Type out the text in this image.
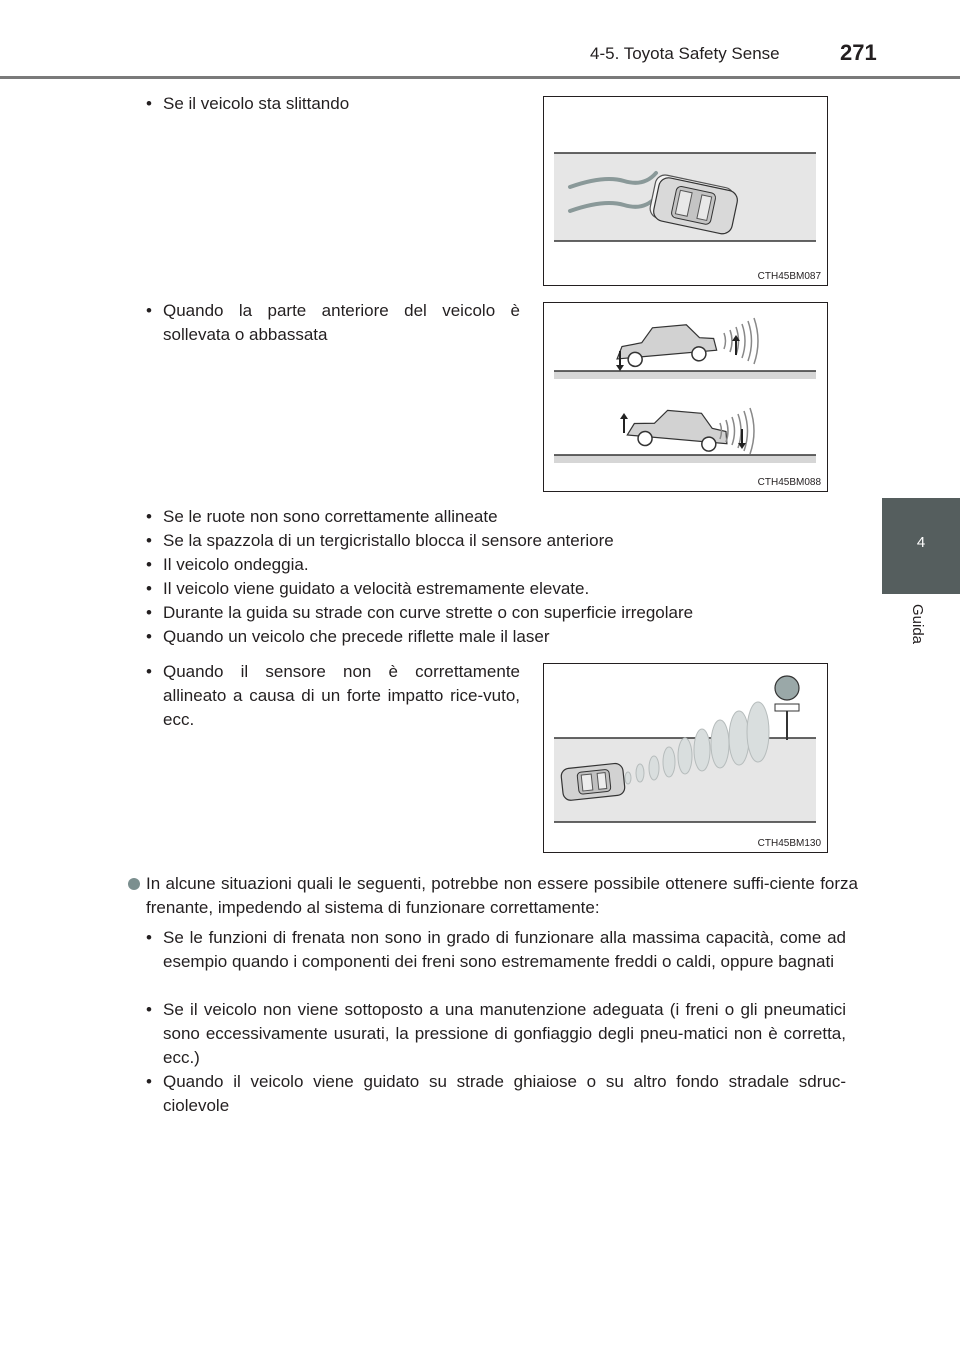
4-5. Toyota Safety Sense	271
4
Guida
• Se il veicolo sta slittando
CTH45BM087
• Quando la parte anteriore del veicolo è sollevata o abbassata
CTH45BM088
• Se le ruote non sono correttamente allineate
• Se la spazzola di un tergicristallo blocca il sensore anteriore
• Il veicolo ondeggia.
• Il veicolo viene guidato a velocità estremamente elevate.
• Durante la guida su strade con curve strette o con superficie irregolare
• Quando un veicolo che precede riflette male il laser
• Quando il sensore non è correttamente allineato a causa di un forte impatto rice-vuto, ecc.
CTH45BM130
In alcune situazioni quali le seguenti, potrebbe non essere possibile ottenere suffi-ciente forza frenante, impedendo al sistema di funzionare correttamente:
• Se le funzioni di frenata non sono in grado di funzionare alla massima capacità, come ad esempio quando i componenti dei freni sono estremamente freddi o caldi, oppure bagnati
• Se il veicolo non viene sottoposto a una manutenzione adeguata (i freni o gli pneumatici sono eccessivamente usurati, la pressione di gonfiaggio degli pneu-matici non è corretta, ecc.)
• Quando il veicolo viene guidato su strade ghiaiose o su altro fondo stradale sdruc-ciolevole
